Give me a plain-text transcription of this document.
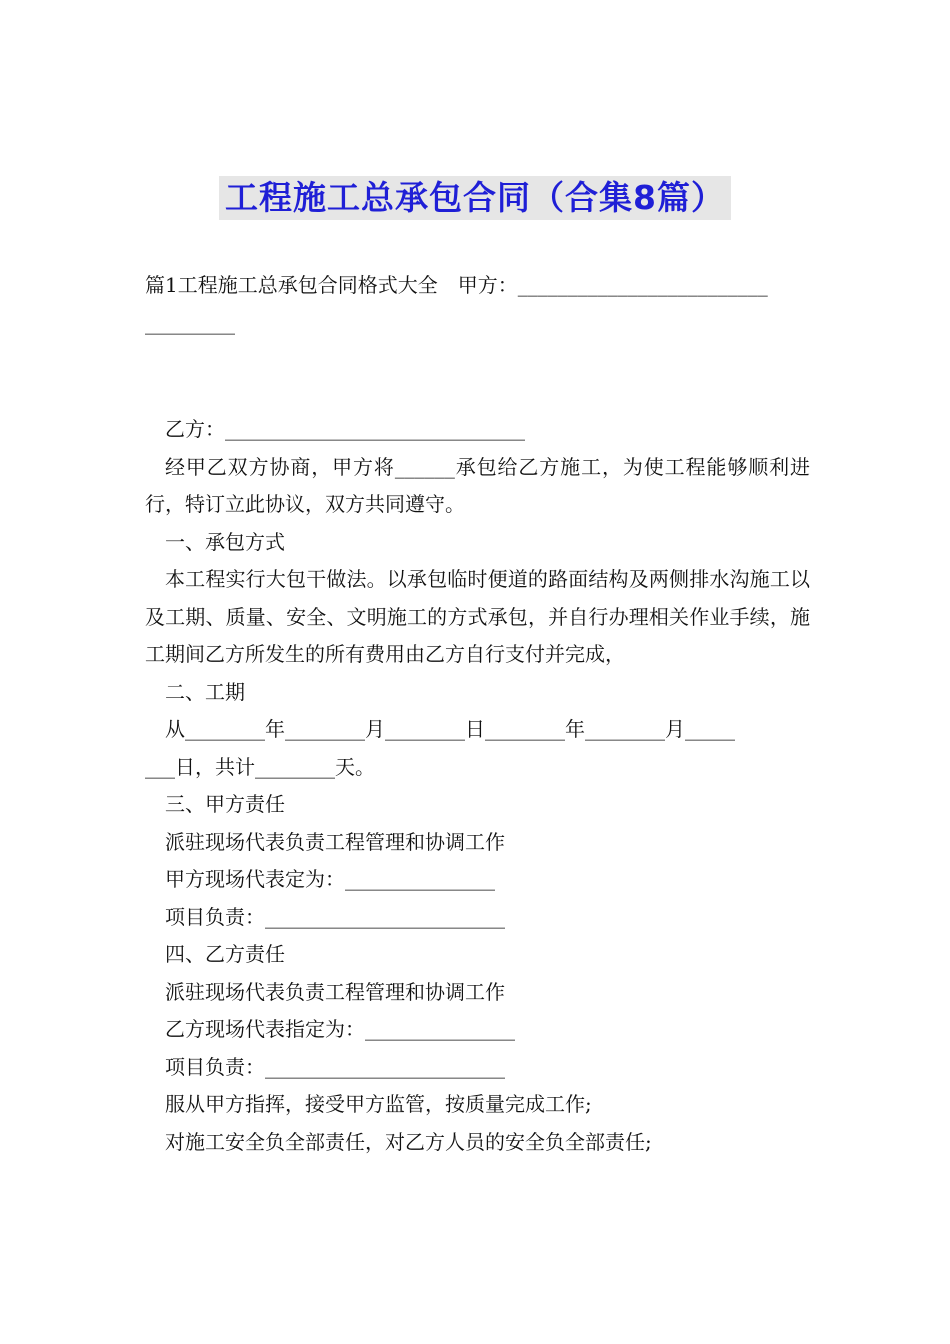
工程施工总承包合同（合集8篇）
篇1工程施工总承包合同格式大全　甲方：_________________________
_________

乙方：______________________________

经甲乙双方协商，甲方将______承包给乙方施工，为使工程能够顺利进行，特订立此协议，双方共同遵守。

一、承包方式

本工程实行大包干做法。以承包临时便道的路面结构及两侧排水沟施工以及工期、质量、安全、文明施工的方式承包，并自行办理相关作业手续，施工期间乙方所发生的所有费用由乙方自行支付并完成，

二、工期

从________年________月________日________年________月_____

___日，共计________天。

三、甲方责任

派驻现场代表负责工程管理和协调工作

甲方现场代表定为：_______________

项目负责：________________________

四、乙方责任

派驻现场代表负责工程管理和协调工作

乙方现场代表指定为：_______________

项目负责：________________________

服从甲方指挥，接受甲方监管，按质量完成工作;

对施工安全负全部责任，对乙方人员的安全负全部责任;
